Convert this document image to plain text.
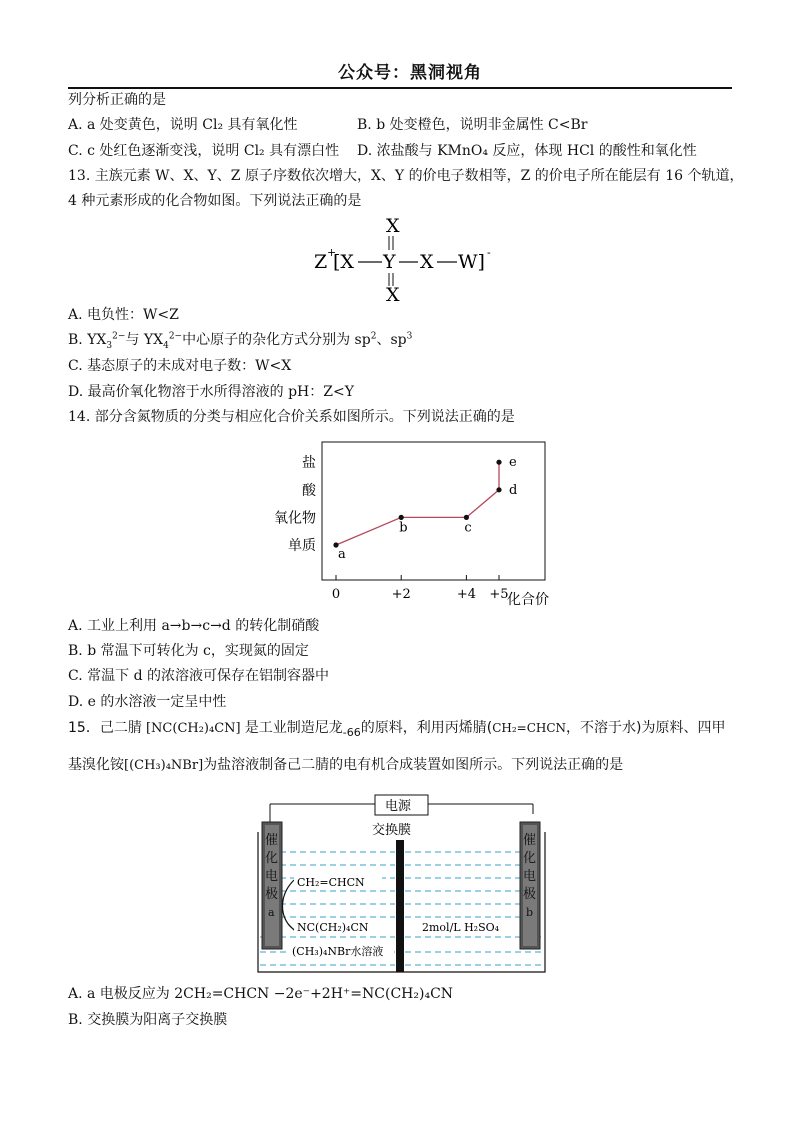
公众号：黑洞视角
列分析正确的是
A. a 处变黄色，说明 Cl₂ 具有氧化性	B. b 处变橙色，说明非金属性 C<Br
C. c 处红色逐渐变浅，说明 Cl₂ 具有漂白性 D. 浓盐酸与 KMnO₄ 反应，体现 HCl 的酸性和氧化性
13. 主族元素 W、X、Y、Z 原子序数依次增大，X、Y 的价电子数相等，Z 的价电子所在能层有 16 个轨道，
4 种元素形成的化合物如图。下列说法正确的是
X
Z +
[X Y X W] -
X
A. 电负性：W<Z
B. $YX_3^{2-}$与 $YX_4^{2-}$中心原子的杂化方式分别为 $sp^2$、$sp^3$
C. 基态原子的未成对电子数：W<X
D. 最高价氧化物溶于水所得溶液的 pH：Z<Y
14. 部分含氮物质的分类与相应化合价关系如图所示。下列说法正确的是
单质
氧化物
酸
盐
0	+2	+4 +5
化合价
a
b	c
d
e
A. 工业上利用 a→b→c→d 的转化制硝酸
B. b 常温下可转化为 c，实现氮的固定
C. 常温下 d 的浓溶液可保存在铝制容器中
D. e 的水溶液一定呈中性
15．己二腈 [NC(CH₂)₄CN] 是工业制造尼龙$_{-66}$的原料，利用丙烯腈(CH₂=CHCN，不溶于水)为原料、四甲
基溴化铵[(CH₃)₄NBr]为盐溶液制备己二腈的电有机合成装置如图所示。下列说法正确的是
电源
交换膜
催
化
电
极
a
催
化
电
极
b
CH₂=CHCN
NC(CH₂)₄CN	2mol/L H₂SO₄
(CH₃)₄NBr水溶液
A. a 电极反应为 2CH₂=CHCN −2e⁻+2H⁺=NC(CH₂)₄CN
B. 交换膜为阳离子交换膜
